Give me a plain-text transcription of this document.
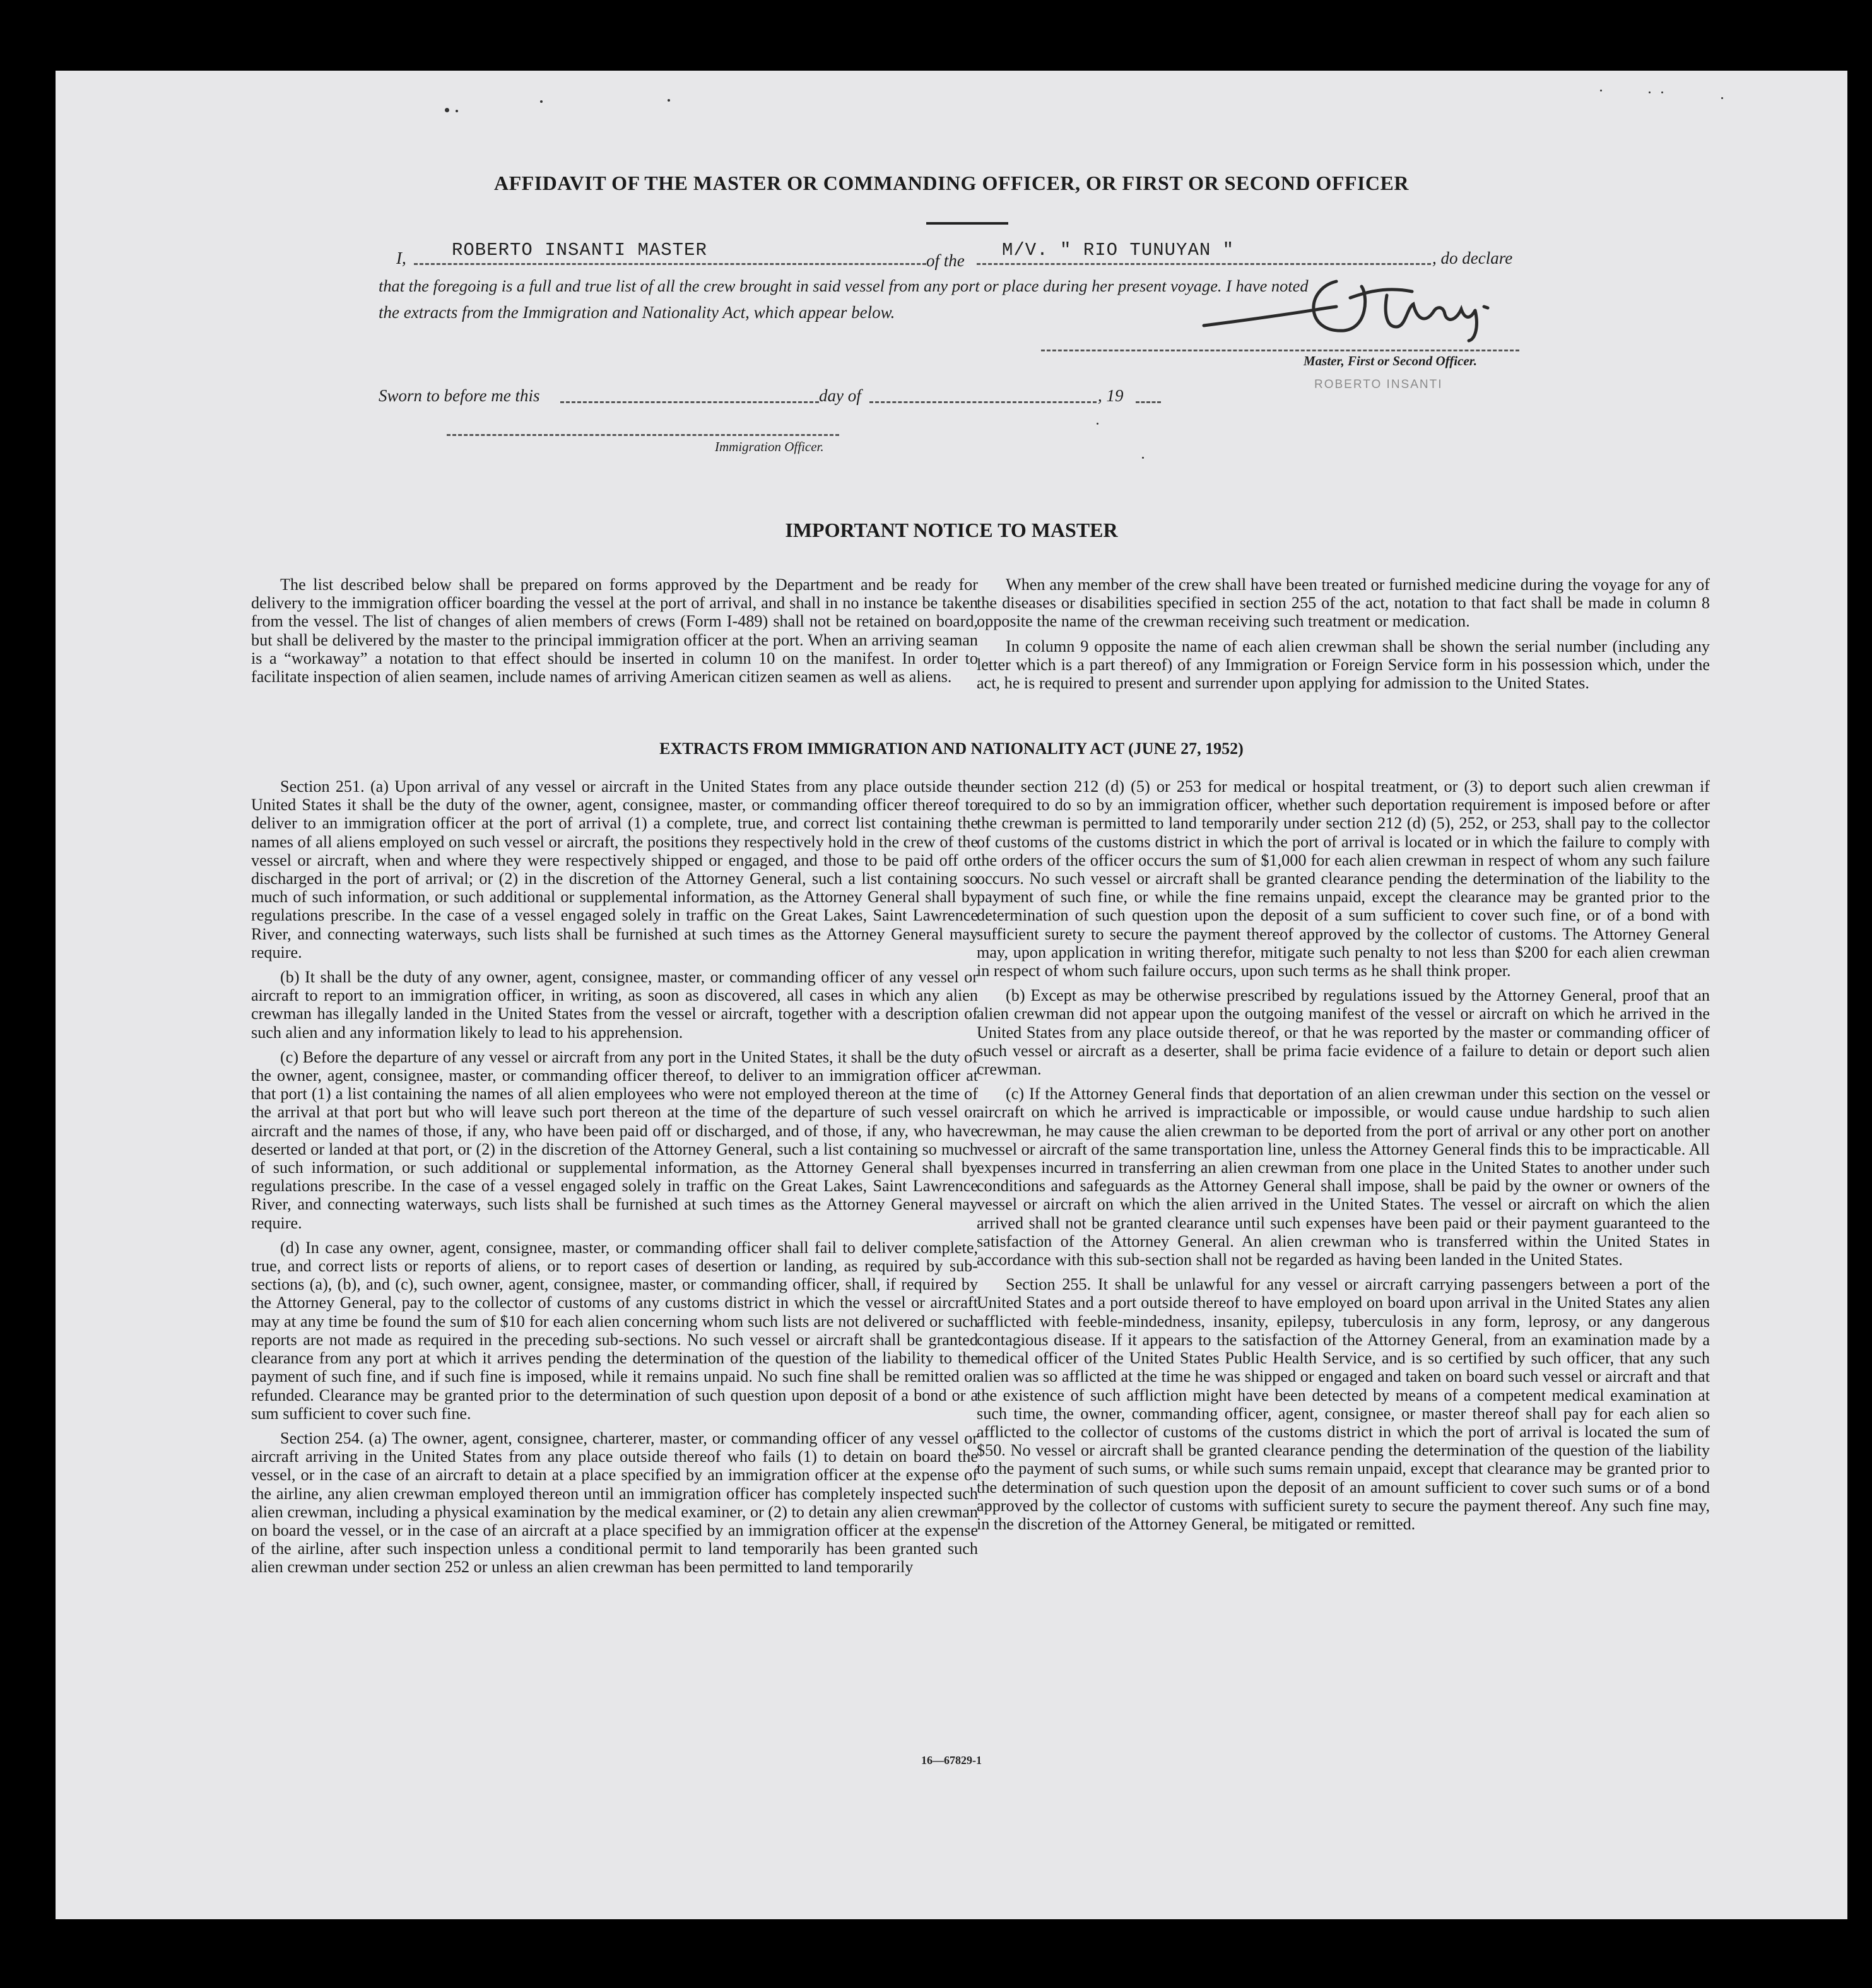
AFFIDAVIT OF THE MASTER OR COMMANDING OFFICER, OR FIRST OR SECOND OFFICER
I, ROBERTO INSANTI MASTER	of the M/V. " RIO TUNUYAN "	, do declare
that the foregoing is a full and true list of all the crew brought in said vessel from any port or place during her present voyage. I have noted
the extracts from the Immigration and Nationality Act, which appear below.
Master, First or Second Officer.
ROBERTO INSANTI
Sworn to before me this	day of	, 19
Immigration Officer.
IMPORTANT NOTICE TO MASTER

The list described below shall be prepared on forms approved by the Department and be ready for delivery to the immigration officer boarding the vessel at the port of arrival, and shall in no instance be taken from the vessel. The list of changes of alien members of crews (Form I-489) shall not be retained on board, but shall be delivered by the master to the principal immigration officer at the port. When an arriving seaman is a “workaway” a notation to that effect should be inserted in column 10 on the manifest. In order to facilitate inspection of alien seamen, include names of arriving American citizen seamen as well as aliens.

When any member of the crew shall have been treated or furnished medicine during the voyage for any of the diseases or disabilities specified in section 255 of the act, notation to that fact shall be made in column 8 opposite the name of the crewman receiving such treatment or medication.

In column 9 opposite the name of each alien crewman shall be shown the serial number (including any letter which is a part thereof) of any Immigration or Foreign Service form in his possession which, under the act, he is required to present and surrender upon applying for admission to the United States.

EXTRACTS FROM IMMIGRATION AND NATIONALITY ACT (JUNE 27, 1952)

Section 251. (a) Upon arrival of any vessel or aircraft in the United States from any place outside the United States it shall be the duty of the owner, agent, consignee, master, or commanding officer thereof to deliver to an immigration officer at the port of arrival (1) a complete, true, and correct list containing the names of all aliens employed on such vessel or aircraft, the positions they respectively hold in the crew of the vessel or aircraft, when and where they were respectively shipped or engaged, and those to be paid off or discharged in the port of arrival; or (2) in the discretion of the Attorney General, such a list containing so much of such information, or such additional or supplemental information, as the Attorney General shall by regulations prescribe. In the case of a vessel engaged solely in traffic on the Great Lakes, Saint Lawrence River, and connecting waterways, such lists shall be furnished at such times as the Attorney General may require.

(b) It shall be the duty of any owner, agent, consignee, master, or commanding officer of any vessel or aircraft to report to an immigration officer, in writing, as soon as discovered, all cases in which any alien crewman has illegally landed in the United States from the vessel or aircraft, together with a description of such alien and any information likely to lead to his apprehension.

(c) Before the departure of any vessel or aircraft from any port in the United States, it shall be the duty of the owner, agent, consignee, master, or commanding officer thereof, to deliver to an immigration officer at that port (1) a list containing the names of all alien employees who were not employed thereon at the time of the arrival at that port but who will leave such port thereon at the time of the departure of such vessel or aircraft and the names of those, if any, who have been paid off or discharged, and of those, if any, who have deserted or landed at that port, or (2) in the discretion of the Attorney General, such a list containing so much of such information, or such additional or supplemental information, as the Attorney General shall by regulations prescribe. In the case of a vessel engaged solely in traffic on the Great Lakes, Saint Lawrence River, and connecting waterways, such lists shall be furnished at such times as the Attorney General may require.

(d) In case any owner, agent, consignee, master, or commanding officer shall fail to deliver complete, true, and correct lists or reports of aliens, or to report cases of desertion or landing, as required by sub-sections (a), (b), and (c), such owner, agent, consignee, master, or commanding officer, shall, if required by the Attorney General, pay to the collector of customs of any customs district in which the vessel or aircraft may at any time be found the sum of $10 for each alien concerning whom such lists are not delivered or such reports are not made as required in the preceding sub-sections. No such vessel or aircraft shall be granted clearance from any port at which it arrives pending the determination of the question of the liability to the payment of such fine, and if such fine is imposed, while it remains unpaid. No such fine shall be remitted or refunded. Clearance may be granted prior to the determination of such question upon deposit of a bond or a sum sufficient to cover such fine.

Section 254. (a) The owner, agent, consignee, charterer, master, or commanding officer of any vessel or aircraft arriving in the United States from any place outside thereof who fails (1) to detain on board the vessel, or in the case of an aircraft to detain at a place specified by an immigration officer at the expense of the airline, any alien crewman employed thereon until an immigration officer has completely inspected such alien crewman, including a physical examination by the medical examiner, or (2) to detain any alien crewman on board the vessel, or in the case of an aircraft at a place specified by an immigration officer at the expense of the airline, after such inspection unless a conditional permit to land temporarily has been granted such alien crewman under section 252 or unless an alien crewman has been permitted to land temporarily

under section 212 (d) (5) or 253 for medical or hospital treatment, or (3) to deport such alien crewman if required to do so by an immigration officer, whether such deportation requirement is imposed before or after the crewman is permitted to land temporarily under section 212 (d) (5), 252, or 253, shall pay to the collector of customs of the customs district in which the port of arrival is located or in which the failure to comply with the orders of the officer occurs the sum of $1,000 for each alien crewman in respect of whom any such failure occurs. No such vessel or aircraft shall be granted clearance pending the determination of the liability to the payment of such fine, or while the fine remains unpaid, except the clearance may be granted prior to the determination of such question upon the deposit of a sum sufficient to cover such fine, or of a bond with sufficient surety to secure the payment thereof approved by the collector of customs. The Attorney General may, upon application in writing therefor, mitigate such penalty to not less than $200 for each alien crewman in respect of whom such failure occurs, upon such terms as he shall think proper.

(b) Except as may be otherwise prescribed by regulations issued by the Attorney General, proof that an alien crewman did not appear upon the outgoing manifest of the vessel or aircraft on which he arrived in the United States from any place outside thereof, or that he was reported by the master or commanding officer of such vessel or aircraft as a deserter, shall be prima facie evidence of a failure to detain or deport such alien crewman.

(c) If the Attorney General finds that deportation of an alien crewman under this section on the vessel or aircraft on which he arrived is impracticable or impossible, or would cause undue hardship to such alien crewman, he may cause the alien crewman to be deported from the port of arrival or any other port on another vessel or aircraft of the same transportation line, unless the Attorney General finds this to be impracticable. All expenses incurred in transferring an alien crewman from one place in the United States to another under such conditions and safeguards as the Attorney General shall impose, shall be paid by the owner or owners of the vessel or aircraft on which the alien arrived in the United States. The vessel or aircraft on which the alien arrived shall not be granted clearance until such expenses have been paid or their payment guaranteed to the satisfaction of the Attorney General. An alien crewman who is transferred within the United States in accordance with this sub-section shall not be regarded as having been landed in the United States.

Section 255. It shall be unlawful for any vessel or aircraft carrying passengers between a port of the United States and a port outside thereof to have employed on board upon arrival in the United States any alien afflicted with feeble-mindedness, insanity, epilepsy, tuberculosis in any form, leprosy, or any dangerous contagious disease. If it appears to the satisfaction of the Attorney General, from an examination made by a medical officer of the United States Public Health Service, and is so certified by such officer, that any such alien was so afflicted at the time he was shipped or engaged and taken on board such vessel or aircraft and that the existence of such affliction might have been detected by means of a competent medical examination at such time, the owner, commanding officer, agent, consignee, or master thereof shall pay for each alien so afflicted to the collector of customs of the customs district in which the port of arrival is located the sum of $50. No vessel or aircraft shall be granted clearance pending the determination of the question of the liability to the payment of such sums, or while such sums remain unpaid, except that clearance may be granted prior to the determination of such question upon the deposit of an amount sufficient to cover such sums or of a bond approved by the collector of customs with sufficient surety to secure the payment thereof. Any such fine may, in the discretion of the Attorney General, be mitigated or remitted.

16—67829-1
